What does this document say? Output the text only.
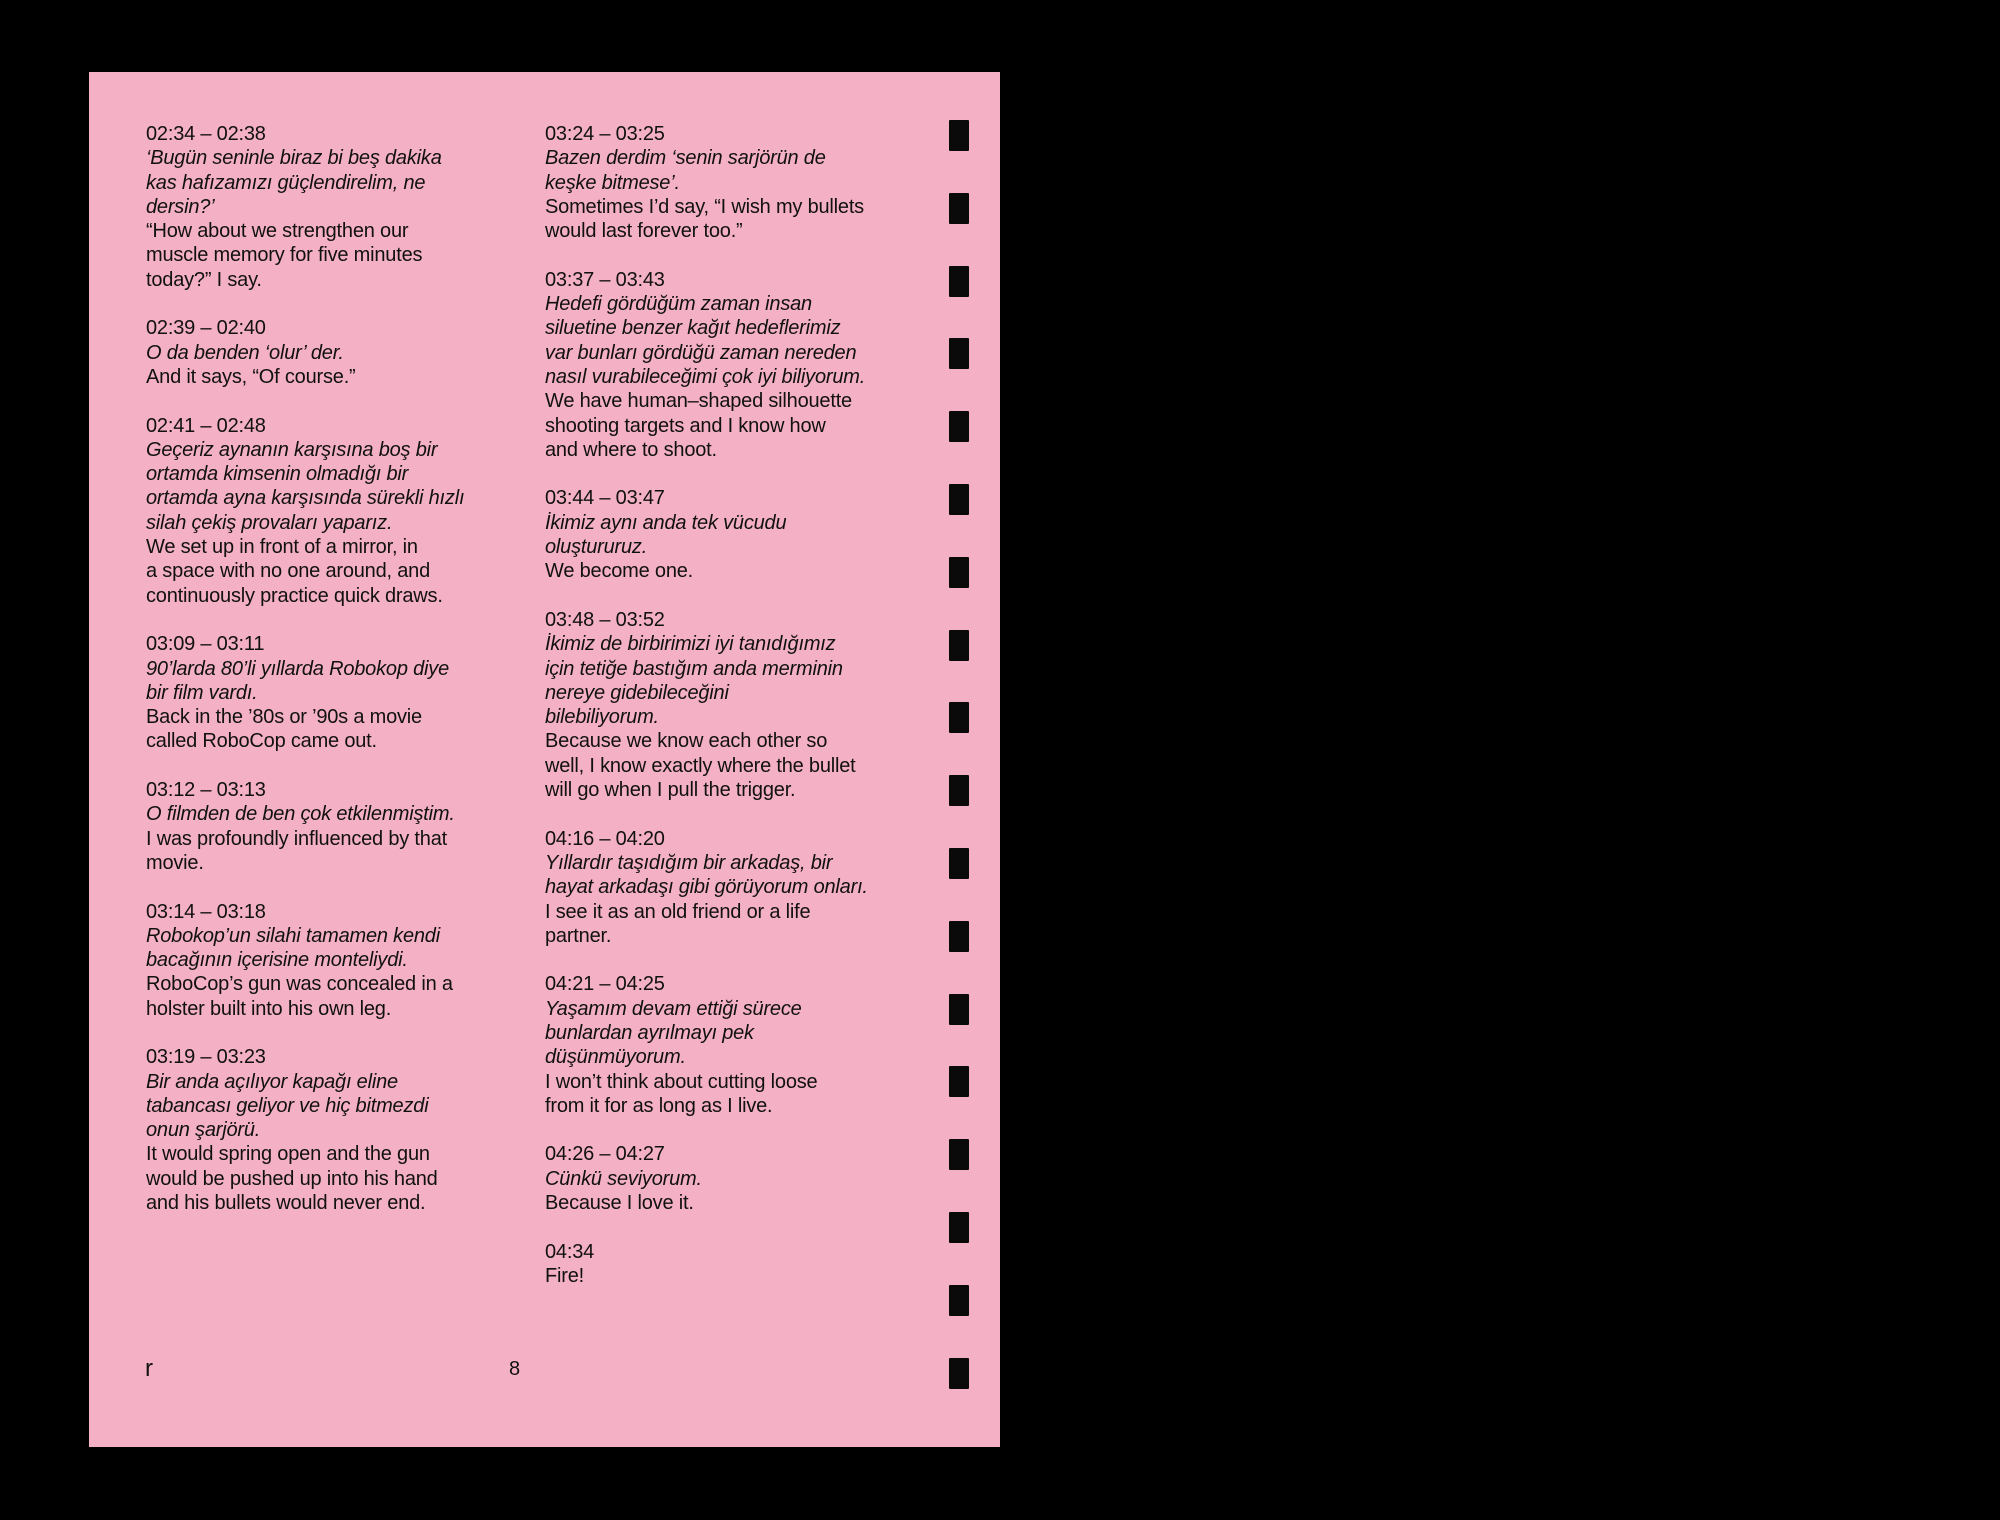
02:34 – 02:38
‘Bugün seninle biraz bi beş dakika
kas hafızamızı güçlendirelim, ne
dersin?’
“How about we strengthen our
muscle memory for five minutes
today?” I say.
02:39 – 02:40
O da benden ‘olur’ der.
And it says, “Of course.”
02:41 – 02:48
Geçeriz aynanın karşısına boş bir
ortamda kimsenin olmadığı bir
ortamda ayna karşısında sürekli hızlı
silah çekiş provaları yaparız.
We set up in front of a mirror, in
a space with no one around, and
continuously practice quick draws.
03:09 – 03:11
90’larda 80’li yıllarda Robokop diye
bir film vardı.
Back in the ’80s or ’90s a movie
called RoboCop came out.
03:12 – 03:13
O filmden de ben çok etkilenmiştim.
I was profoundly influenced by that
movie.
03:14 – 03:18
Robokop’un silahi tamamen kendi
bacağının içerisine monteliydi.
RoboCop’s gun was concealed in a
holster built into his own leg.
03:19 – 03:23
Bir anda açılıyor kapağı eline
tabancası geliyor ve hiç bitmezdi
onun şarjörü.
It would spring open and the gun
would be pushed up into his hand
and his bullets would never end.
03:24 – 03:25
Bazen derdim ‘senin sarjörün de
keşke bitmese’.
Sometimes I’d say, “I wish my bullets
would last forever too.”
03:37 – 03:43
Hedefi gördüğüm zaman insan
siluetine benzer kağıt hedeflerimiz
var bunları gördüğü zaman nereden
nasıl vurabileceğimi çok iyi biliyorum.
We have human–shaped silhouette
shooting targets and I know how
and where to shoot.
03:44 – 03:47
İkimiz aynı anda tek vücudu
oluştururuz.
We become one.
03:48 – 03:52
İkimiz de birbirimizi iyi tanıdığımız
için tetiğe bastığım anda merminin
nereye gidebileceğini
bilebiliyorum.
Because we know each other so
well, I know exactly where the bullet
will go when I pull the trigger.
04:16 – 04:20
Yıllardır taşıdığım bir arkadaş, bir
hayat arkadaşı gibi görüyorum onları.
I see it as an old friend or a life
partner.
04:21 – 04:25
Yaşamım devam ettiği sürece
bunlardan ayrılmayı pek
düşünmüyorum.
I won’t think about cutting loose
from it for as long as I live.
04:26 – 04:27
Cünkü seviyorum.
Because I love it.
04:34
Fire!
r	8
